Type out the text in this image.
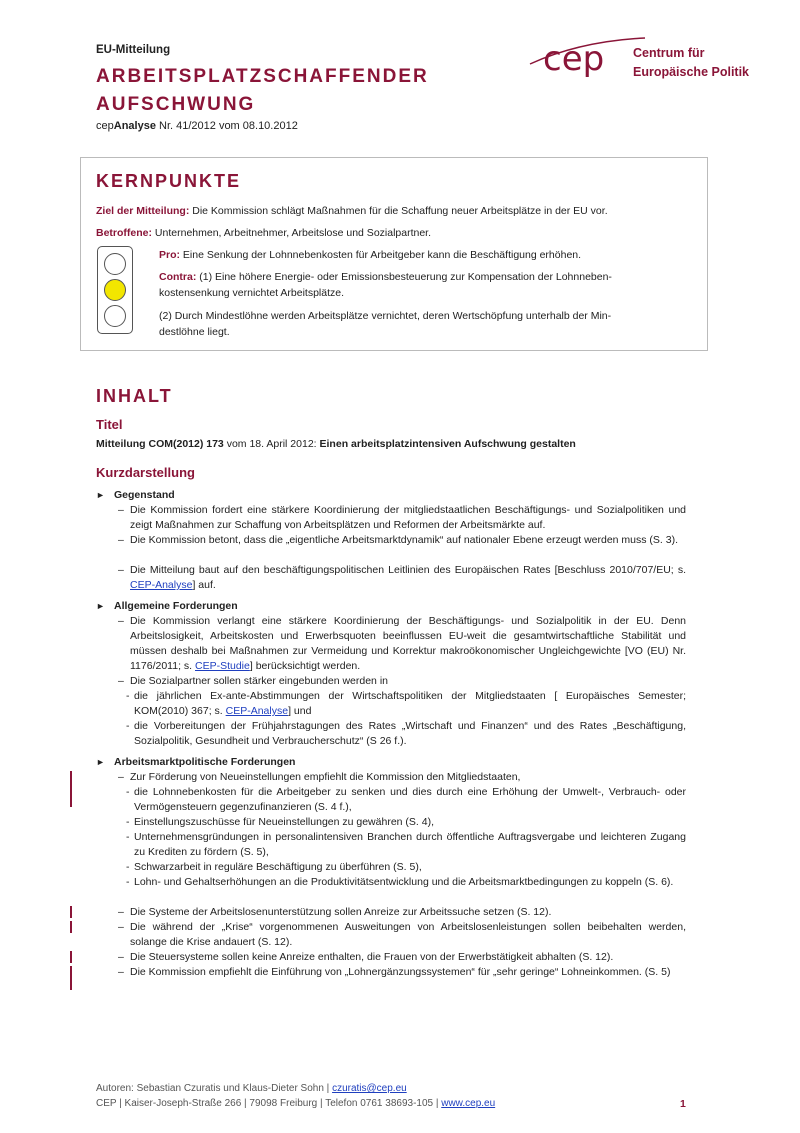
EU-Mitteilung
ARBEITSPLATZSCHAFFENDER
AUFSCHWUNG
cepAnalyse Nr. 41/2012 vom 08.10.2012
cep Centrum für
Europäische Politik
KERNPUNKTE
Ziel der Mitteilung: Die Kommission schlägt Maßnahmen für die Schaffung neuer Arbeitsplätze in der EU vor.
Betroffene: Unternehmen, Arbeitnehmer, Arbeitslose und Sozialpartner.
Pro: Eine Senkung der Lohnnebenkosten für Arbeitgeber kann die Beschäftigung erhöhen.
Contra: (1) Eine höhere Energie- oder Emissionsbesteuerung zur Kompensation der Lohnneben-
kostensenkung vernichtet Arbeitsplätze.
(2) Durch Mindestlöhne werden Arbeitsplätze vernichtet, deren Wertschöpfung unterhalb der Min-
destlöhne liegt.
INHALT
Titel
Mitteilung COM(2012) 173 vom 18. April 2012: Einen arbeitsplatzintensiven Aufschwung gestalten
Kurzdarstellung
► Gegenstand
– Die Kommission fordert eine stärkere Koordinierung der mitgliedstaatlichen Beschäftigungs- und Sozialpolitiken und zeigt Maßnahmen zur Schaffung von Arbeitsplätzen und Reformen der Arbeitsmärkte auf.
– Die Kommission betont, dass die „eigentliche Arbeitsmarktdynamik“ auf nationaler Ebene erzeugt werden muss (S. 3).
– Die Mitteilung baut auf den beschäftigungspolitischen Leitlinien des Europäischen Rates [Beschluss 2010/707/EU; s. CEP-Analyse] auf.
► Allgemeine Forderungen
– Die Kommission verlangt eine stärkere Koordinierung der Beschäftigungs- und Sozialpolitik in der EU. Denn Arbeitslosigkeit, Arbeitskosten und Erwerbsquoten beeinflussen EU-weit die gesamtwirtschaftliche Stabilität und müssen deshalb bei Maßnahmen zur Vermeidung und Korrektur makroökonomischer Ungleichgewichte [VO (EU) Nr. 1176/2011; s. CEP-Studie] berücksichtigt werden.
– Die Sozialpartner sollen stärker eingebunden werden in
- die jährlichen Ex-ante-Abstimmungen der Wirtschaftspolitiken der Mitgliedstaaten [ Europäisches Semester; KOM(2010) 367; s. CEP-Analyse] und
- die Vorbereitungen der Frühjahrstagungen des Rates „Wirtschaft und Finanzen“ und des Rates „Beschäftigung, Sozialpolitik, Gesundheit und Verbraucherschutz“ (S 26 f.).
► Arbeitsmarktpolitische Forderungen
– Zur Förderung von Neueinstellungen empfiehlt die Kommission den Mitgliedstaaten,
- die Lohnnebenkosten für die Arbeitgeber zu senken und dies durch eine Erhöhung der Umwelt-, Verbrauch- oder Vermögensteuern gegenzufinanzieren (S. 4 f.),
- Einstellungszuschüsse für Neueinstellungen zu gewähren (S. 4),
- Unternehmensgründungen in personalintensiven Branchen durch öffentliche Auftragsvergabe und leichteren Zugang zu Krediten zu fördern (S. 5),
- Schwarzarbeit in reguläre Beschäftigung zu überführen (S. 5),
- Lohn- und Gehaltserhöhungen an die Produktivitätsentwicklung und die Arbeitsmarktbedingungen zu koppeln (S. 6).
– Die Systeme der Arbeitslosenunterstützung sollen Anreize zur Arbeitssuche setzen (S. 12).
– Die während der „Krise“ vorgenommenen Ausweitungen von Arbeitslosenleistungen sollen beibehalten werden, solange die Krise andauert (S. 12).
– Die Steuersysteme sollen keine Anreize enthalten, die Frauen von der Erwerbstätigkeit abhalten (S. 12).
– Die Kommission empfiehlt die Einführung von „Lohnergänzungssystemen“ für „sehr geringe“ Lohneinkommen. (S. 5)
Autoren: Sebastian Czuratis und Klaus-Dieter Sohn | czuratis@cep.eu
CEP | Kaiser-Joseph-Straße 266 | 79098 Freiburg | Telefon 0761 38693-105 | www.cep.eu	1
